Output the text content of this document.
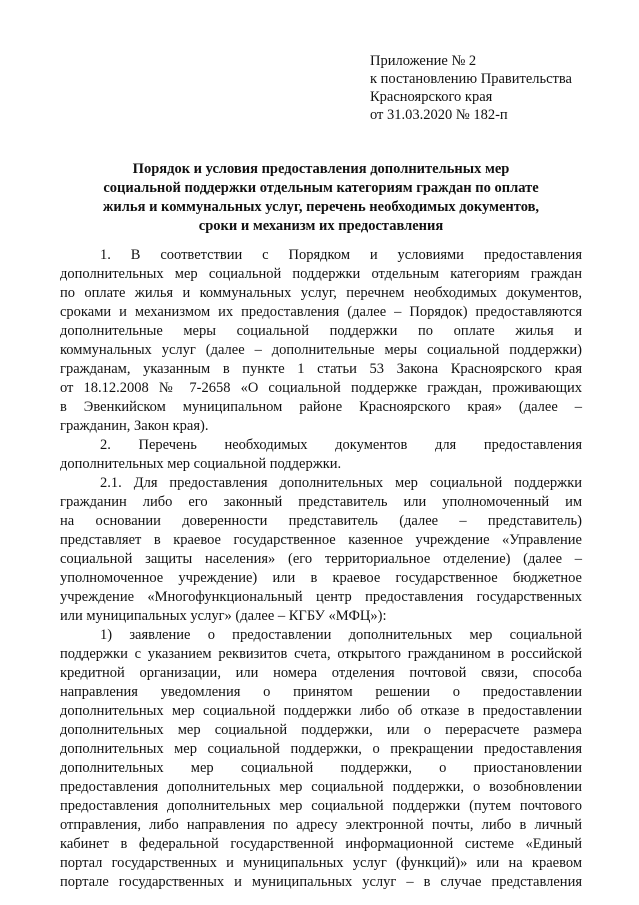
Приложение № 2
к постановлению Правительства
Красноярского края
от 31.03.2020 № 182-п
Порядок и условия предоставления дополнительных мер
социальной поддержки отдельным категориям граждан по оплате
жилья и коммунальных услуг, перечень необходимых документов,
сроки и механизм их предоставления
1. В соответствии с Порядком и условиями предоставления
дополнительных мер социальной поддержки отдельным категориям граждан
по оплате жилья и коммунальных услуг, перечнем необходимых документов,
сроками и механизмом их предоставления (далее – Порядок) предоставляются
дополнительные меры социальной поддержки по оплате жилья и
коммунальных услуг (далее – дополнительные меры социальной поддержки)
гражданам, указанным в пункте 1 статьи 53 Закона Красноярского края
от 18.12.2008 № 7-2658 «О социальной поддержке граждан, проживающих
в Эвенкийском муниципальном районе Красноярского края» (далее –
гражданин, Закон края).
2. Перечень необходимых документов для предоставления
дополнительных мер социальной поддержки.
2.1. Для предоставления дополнительных мер социальной поддержки
гражданин либо его законный представитель или уполномоченный им
на основании доверенности представитель (далее – представитель)
представляет в краевое государственное казенное учреждение «Управление
социальной защиты населения» (его территориальное отделение) (далее –
уполномоченное учреждение) или в краевое государственное бюджетное
учреждение «Многофункциональный центр предоставления государственных
или муниципальных услуг» (далее – КГБУ «МФЦ»):
1) заявление о предоставлении дополнительных мер социальной
поддержки с указанием реквизитов счета, открытого гражданином в российской
кредитной организации, или номера отделения почтовой связи, способа
направления уведомления о принятом решении о предоставлении
дополнительных мер социальной поддержки либо об отказе в предоставлении
дополнительных мер социальной поддержки, или о перерасчете размера
дополнительных мер социальной поддержки, о прекращении предоставления
дополнительных мер социальной поддержки, о приостановлении
предоставления дополнительных мер социальной поддержки, о возобновлении
предоставления дополнительных мер социальной поддержки (путем почтового
отправления, либо направления по адресу электронной почты, либо в личный
кабинет в федеральной государственной информационной системе «Единый
портал государственных и муниципальных услуг (функций)» или на краевом
портале государственных и муниципальных услуг – в случае представления
